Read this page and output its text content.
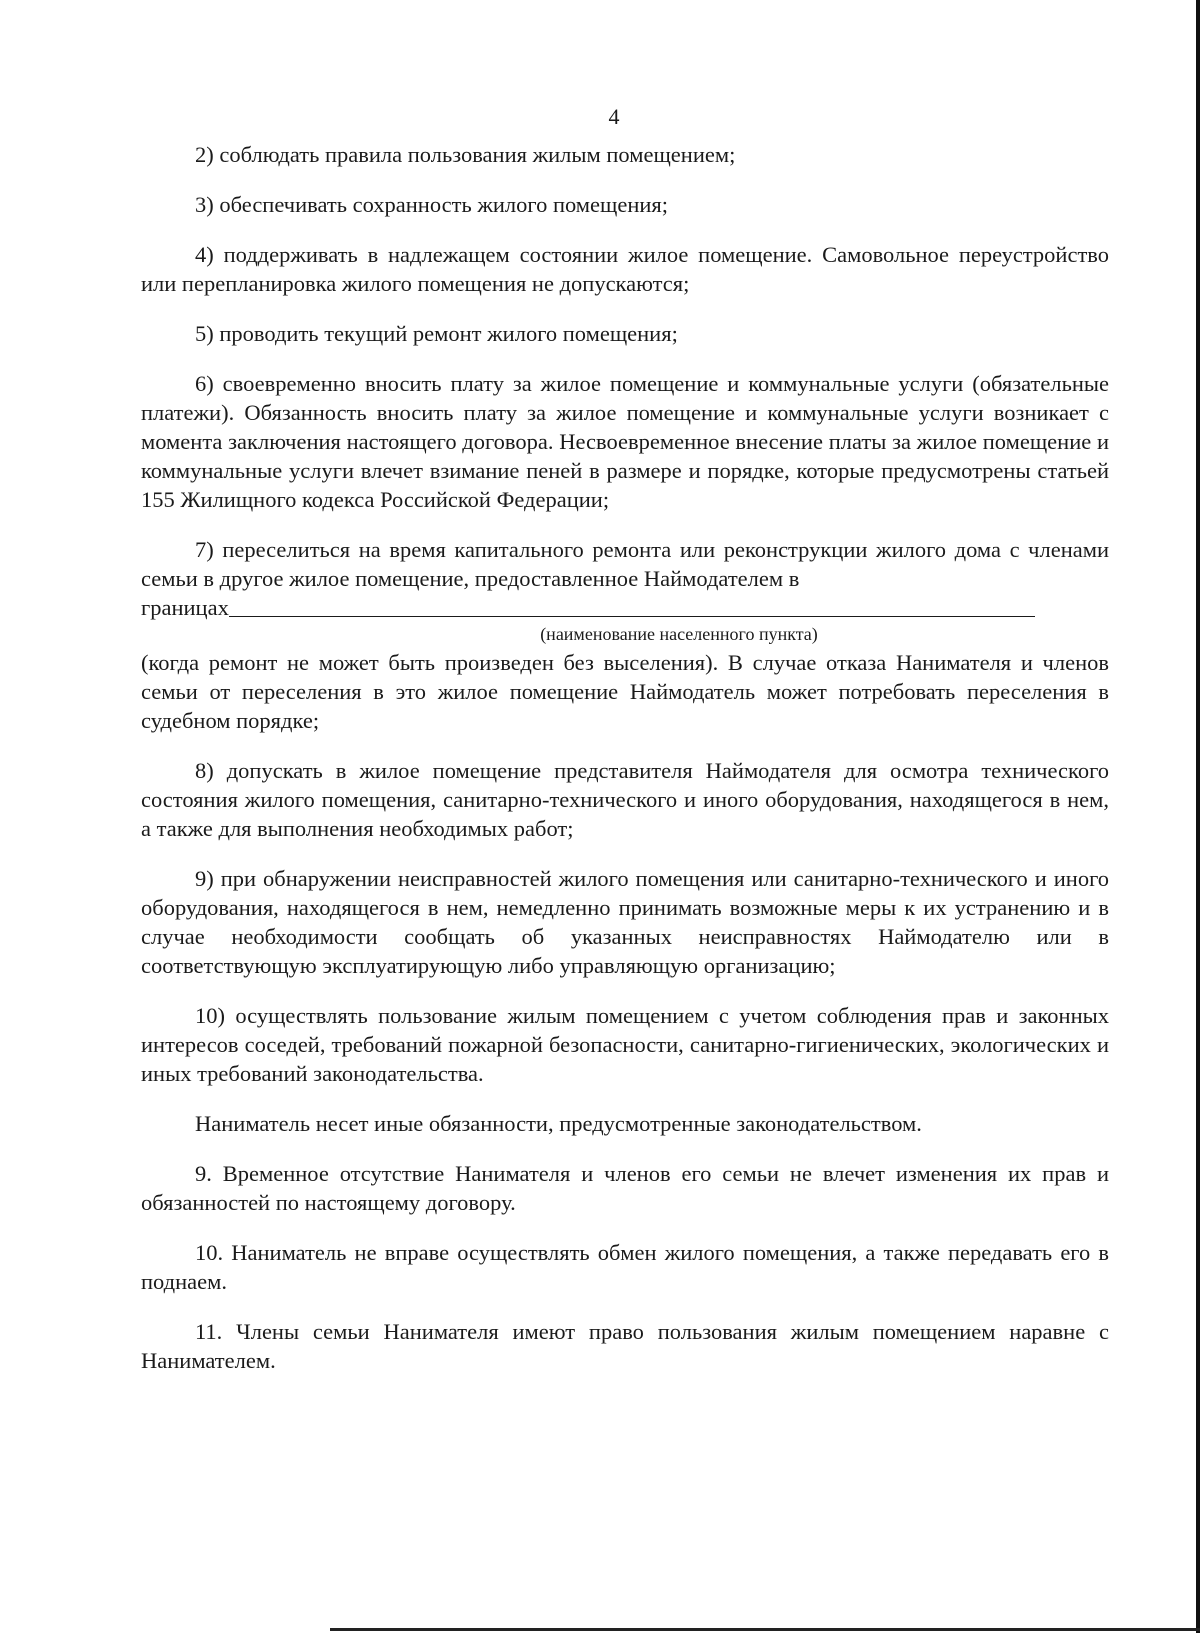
4

2) соблюдать правила пользования жилым помещением;

3) обеспечивать сохранность жилого помещения;

4) поддерживать в надлежащем состоянии жилое помещение. Самовольное переустройство или перепланировка жилого помещения не допускаются;

5) проводить текущий ремонт жилого помещения;

6) своевременно вносить плату за жилое помещение и коммунальные услуги (обязательные платежи). Обязанность вносить плату за жилое помещение и коммунальные услуги возникает с момента заключения настоящего договора. Несвоевременное внесение платы за жилое помещение и коммунальные услуги влечет взимание пеней в размере и порядке, которые предусмотрены статьей 155 Жилищного кодекса Российской Федерации;

7) переселиться на время капитального ремонта или реконструкции жилого дома с членами семьи в другое жилое помещение, предоставленное Наймодателем в

границах
(наименование населенного пункта)

(когда ремонт не может быть произведен без выселения). В случае отказа Нанимателя и членов семьи от переселения в это жилое помещение Наймодатель может потребовать переселения в судебном порядке;

8) допускать в жилое помещение представителя Наймодателя для осмотра технического состояния жилого помещения, санитарно-технического и иного оборудования, находящегося в нем, а также для выполнения необходимых работ;

9) при обнаружении неисправностей жилого помещения или санитарно-технического и иного оборудования, находящегося в нем, немедленно принимать возможные меры к их устранению и в случае необходимости сообщать об указанных неисправностях Наймодателю или в соответствующую эксплуатирующую либо управляющую организацию;

10) осуществлять пользование жилым помещением с учетом соблюдения прав и законных интересов соседей, требований пожарной безопасности, санитарно-гигиенических, экологических и иных требований законодательства.

Наниматель несет иные обязанности, предусмотренные законодательством.

9. Временное отсутствие Нанимателя и членов его семьи не влечет изменения их прав и обязанностей по настоящему договору.

10. Наниматель не вправе осуществлять обмен жилого помещения, а также передавать его в поднаем.

11. Члены семьи Нанимателя имеют право пользования жилым помещением наравне с Нанимателем.
